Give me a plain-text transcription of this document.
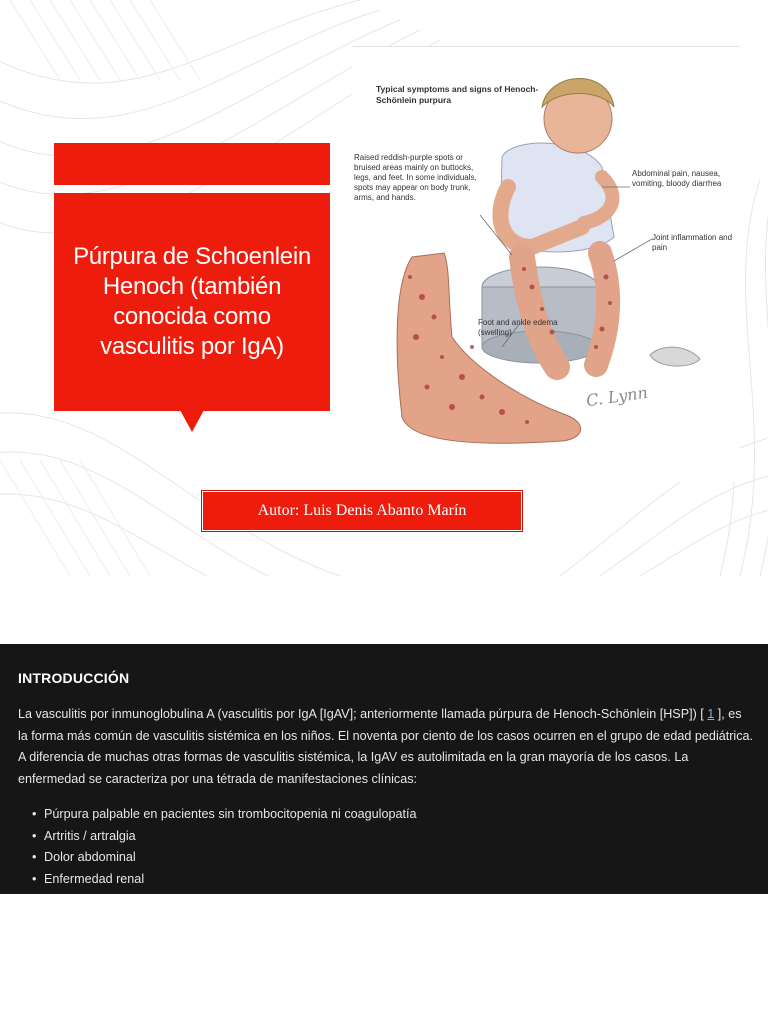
Púrpura de Schoenlein Henoch (también conocida como vasculitis por IgA)
Typical symptoms and signs of Henoch-Schönlein purpura
Raised reddish-purple spots or bruised areas mainly on buttocks, legs, and feet. In some individuals, spots may appear on body trunk, arms, and hands.
Abdominal pain, nausea, vomiting, bloody diarrhea
Joint inflammation and pain
Foot and ankle edema (swelling)
C. Lynn
Autor: Luis Denis Abanto Marín
INTRODUCCIÓN

La vasculitis por inmunoglobulina A (vasculitis por IgA [IgAV]; anteriormente llamada púrpura de Henoch-Schönlein [HSP]) [ 1 ], es la forma más común de vasculitis sistémica en los niños. El noventa por ciento de los casos ocurren en el grupo de edad pediátrica. A diferencia de muchas otras formas de vasculitis sistémica, la IgAV es autolimitada en la gran mayoría de los casos. La enfermedad se caracteriza por una tétrada de manifestaciones clínicas:

• Púrpura palpable en pacientes sin trombocitopenia ni coagulopatía
• Artritis / artralgia
• Dolor abdominal
• Enfermedad renal
